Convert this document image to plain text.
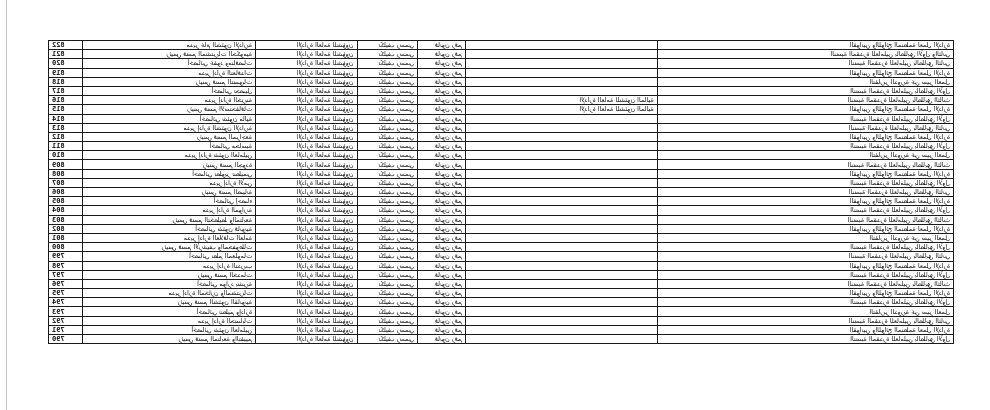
القوانين واللوائح المنظمة لعمل الإدارة		قانون رقم	تكليف رسمي	الإدارة العامة للشؤون	مدير عام الشئون الإدارية	822
النسبة المقدرة للعاملين بالطابق الأول والثاني		قانون رقم	تكليف رسمي	الإدارة العامة للشؤون	رئيس قسم المشتريات الحكومية	821
النسبة المقدرة للعاملين بالطابق الثاني		قانون رقم	تكليف رسمي	الإدارة العامة للشؤون	أخصائي عقود ومناقصات	820
القوانين واللوائح المنظمة لعمل الإدارة		قانون رقم	تكليف رسمي	الإدارة العامة للشؤون	مدير إدارة التعاقدات	819
التقارير الدورية عن سير العمل		قانون رقم	تكليف رسمي	الإدارة العامة للشؤون	رئيس قسم التسويات	818
النسبة المقدرة للعاملين بالطابق الأول		قانون رقم	تكليف رسمي	الإدارة العامة للشؤون	أخصائي تحصيل	817
النسبة المقدرة للعاملين بالطابق الثالث	الإدارة العامة للشئون المالية	قانون رقم	تكليف رسمي	الإدارة العامة للشؤون	مدير إدارة الخزينة	816
القوانين واللوائح المنظمة لعمل الإدارة	الإدارة العامة للشئون المالية	قانون رقم	تكليف رسمي	الإدارة العامة للشؤون	رئيس قسم الاستحقاقات	815
النسبة المقدرة للعاملين بالطابق الأول		قانون رقم	تكليف رسمي	الإدارة العامة للشؤون	أخصائي شئون مالية	814
النسبة المقدرة للعاملين بالطابق الثاني		قانون رقم	تكليف رسمي	الإدارة العامة للشؤون	مدير إدارة الشئون الإدارية	813
القوانين واللوائح المنظمة لعمل الإدارة		قانون رقم	تكليف رسمي	الإدارة العامة للشؤون	رئيس قسم المراجعة	812
النسبة المقدرة للعاملين بالطابق الأول		قانون رقم	تكليف رسمي	الإدارة العامة للشؤون	أخصائي محاسبة	811
التقارير الدورية عن سير العمل		قانون رقم	تكليف رسمي	الإدارة العامة للشؤون	مدير إدارة شئون العاملين	810
النسبة المقدرة للعاملين بالطابق الثالث		قانون رقم	تكليف رسمي	الإدارة العامة للشؤون	رئيس قسم الجودة	809
القوانين واللوائح المنظمة لعمل الإدارة		قانون رقم	تكليف رسمي	الإدارة العامة للشؤون	أخصائي تطوير تنظيمي	808
النسبة المقدرة للعاملين بالطابق الأول		قانون رقم	تكليف رسمي	الإدارة العامة للشؤون	مدير إدارة الأمن	807
النسبة المقدرة للعاملين بالطابق الثاني		قانون رقم	تكليف رسمي	الإدارة العامة للشؤون	رئيس قسم الصيانة	806
القوانين واللوائح المنظمة لعمل الإدارة		قانون رقم	تكليف رسمي	الإدارة العامة للشؤون	أخصائي إحصاء	805
النسبة المقدرة للعاملين بالطابق الأول		قانون رقم	تكليف رسمي	الإدارة العامة للشؤون	مدير إدارة الموازنة	804
النسبة المقدرة للعاملين بالطابق الثالث		قانون رقم	تكليف رسمي	الإدارة العامة للشؤون	رئيس قسم التخطيط والمتابعة	803
القوانين واللوائح المنظمة لعمل الإدارة		قانون رقم	تكليف رسمي	الإدارة العامة للشؤون	أخصائي شئون قانونية	802
التقارير الدورية عن سير العمل		قانون رقم	تكليف رسمي	الإدارة العامة للشؤون	مدير إدارة العلاقات العامة	801
النسبة المقدرة للعاملين بالطابق الأول		قانون رقم	تكليف رسمي	الإدارة العامة للشؤون	رئيس قسم الأرشيف والمحفوظات	800
النسبة المقدرة للعاملين بالطابق الثاني		قانون رقم	تكليف رسمي	الإدارة العامة للشؤون	أخصائي نظم المعلومات	799
القوانين واللوائح المنظمة لعمل الإدارة		قانون رقم	تكليف رسمي	الإدارة العامة للشؤون	مدير إدارة التدريب	798
النسبة المقدرة للعاملين بالطابق الأول		قانون رقم	تكليف رسمي	الإدارة العامة للشؤون	رئيس قسم الخدمات	797
النسبة المقدرة للعاملين بالطابق الثالث		قانون رقم	تكليف رسمي	الإدارة العامة للشؤون	أخصائي موارد بشرية	796
القوانين واللوائح المنظمة لعمل الإدارة		قانون رقم	تكليف رسمي	الإدارة العامة للشؤون	مدير إدارة المخازن والمشتريات	795
النسبة المقدرة للعاملين بالطابق الأول		قانون رقم	تكليف رسمي	الإدارة العامة للشؤون	رئيس قسم الشئون القانونية	794
التقارير الدورية عن سير العمل		قانون رقم	تكليف رسمي	الإدارة العامة للشؤون	أخصائي تنظيم وإدارة	793
النسبة المقدرة للعاملين بالطابق الثاني		قانون رقم	تكليف رسمي	الإدارة العامة للشؤون	مدير إدارة الحسابات	792
القوانين واللوائح المنظمة لعمل الإدارة		قانون رقم	تكليف رسمي	الإدارة العامة للشؤون	أخصائي شئون العاملين	791
النسبة المقدرة للعاملين بالطابق الأول		قانون رقم	تكليف رسمي	الإدارة العامة للشؤون	رئيس قسم المتابعة والتقييم	790
